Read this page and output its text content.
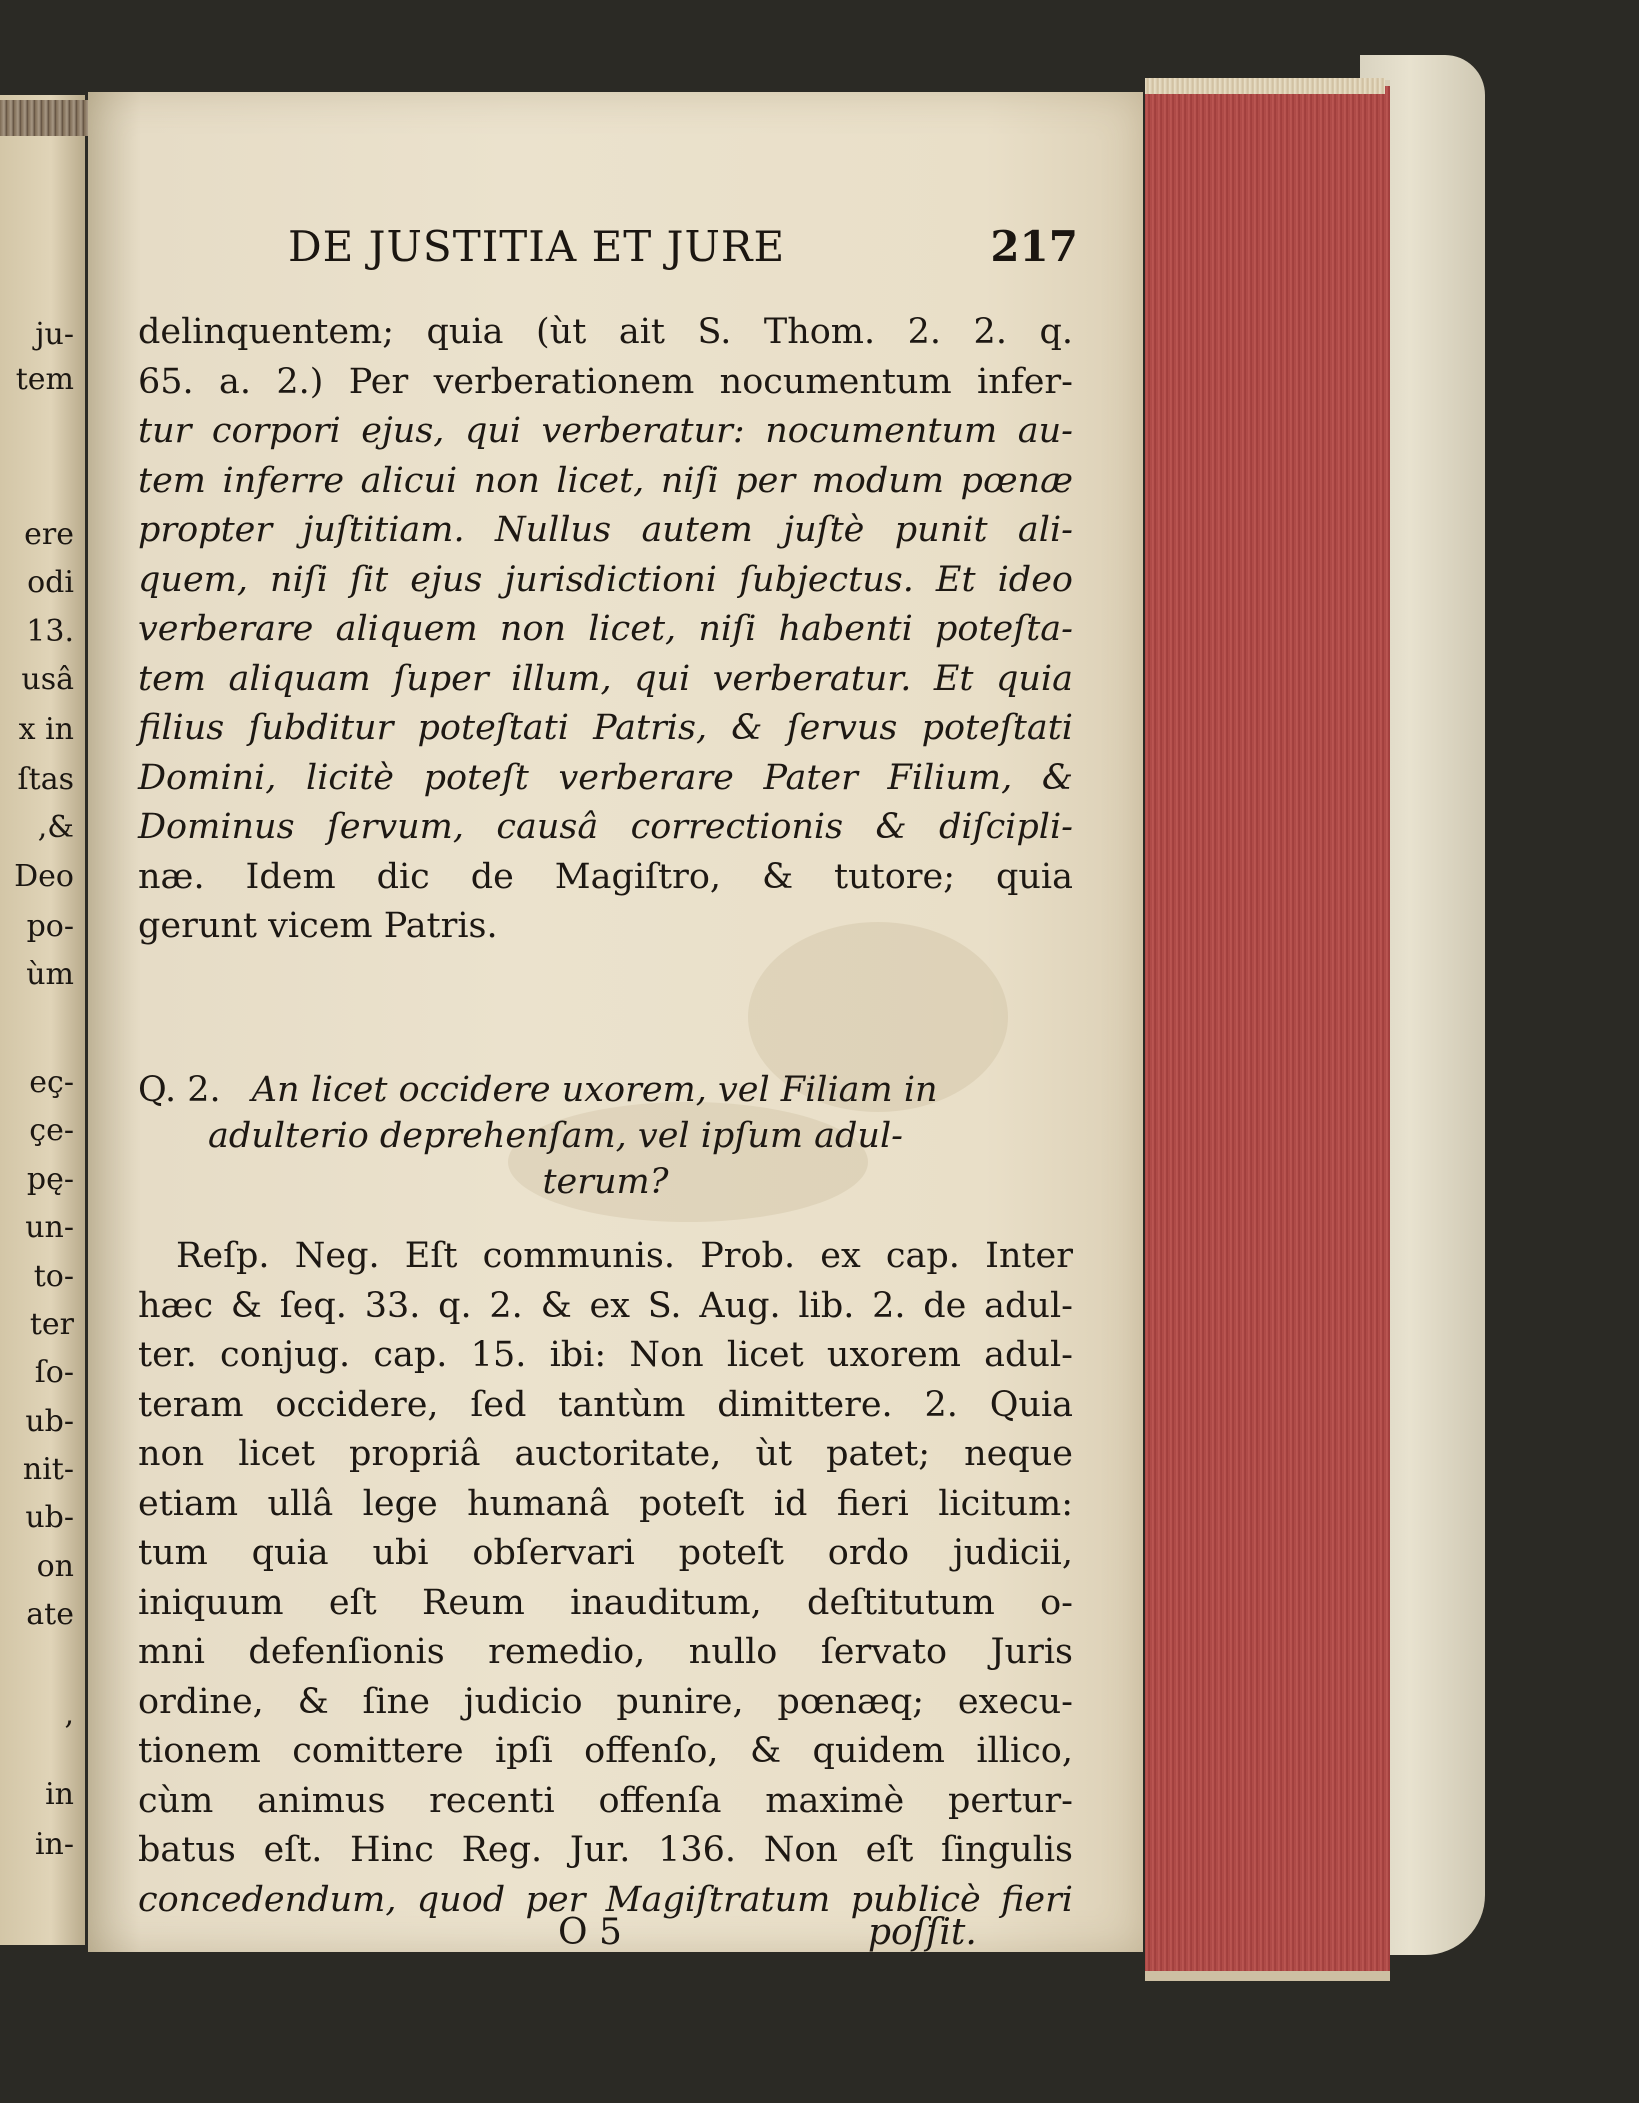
ju-
tem
ere
odi
13.
usâ
x in
ſtas
,&
Deo
po-
ùm
eç-
çe-
pę-
un-
to-
ter
ſo-
ub-
nit-
ub-
on
ate
,
in
in-
DE JUSTITIA ET JURE	217
delinquentem; quia (ùt ait S. Thom. 2. 2. q.
65. a. 2.) Per verberationem nocumentum infer-
tur corpori ejus, qui verberatur: nocumentum au-
tem inferre alicui non licet, niſi per modum pœnæ
propter juſtitiam. Nullus autem juſtè punit ali-
quem, niſi ſit ejus jurisdictioni ſubjectus. Et ideo
verberare aliquem non licet, niſi habenti poteſta-
tem aliquam ſuper illum, qui verberatur. Et quia
filius ſubditur poteſtati Patris, & ſervus poteſtati
Domini, licitè poteſt verberare Pater Filium, &
Dominus ſervum, causâ correctionis & diſcipli-
næ. Idem dic de Magiſtro, & tutore; quia
gerunt vicem Patris.
Q. 2. An licet occidere uxorem, vel Filiam in
adulterio deprehenſam, vel ipſum adul-
terum?
Reſp. Neg. Eſt communis. Prob. ex cap. Inter
hæc & ſeq. 33. q. 2. & ex S. Aug. lib. 2. de adul-
ter. conjug. cap. 15. ibi: Non licet uxorem adul-
teram occidere, ſed tantùm dimittere. 2. Quia
non licet propriâ auctoritate, ùt patet; neque
etiam ullâ lege humanâ poteſt id fieri licitum:
tum quia ubi obſervari poteſt ordo judicii,
iniquum eſt Reum inauditum, deſtitutum o-
mni defenſionis remedio, nullo ſervato Juris
ordine, & ſine judicio punire, pœnæq; execu-
tionem comittere ipſi offenſo, & quidem illico,
cùm animus recenti offenſa maximè pertur-
batus eſt. Hinc Reg. Jur. 136. Non eſt ſingulis
concedendum, quod per Magiſtratum publicè fieri
O 5	poſſit.
